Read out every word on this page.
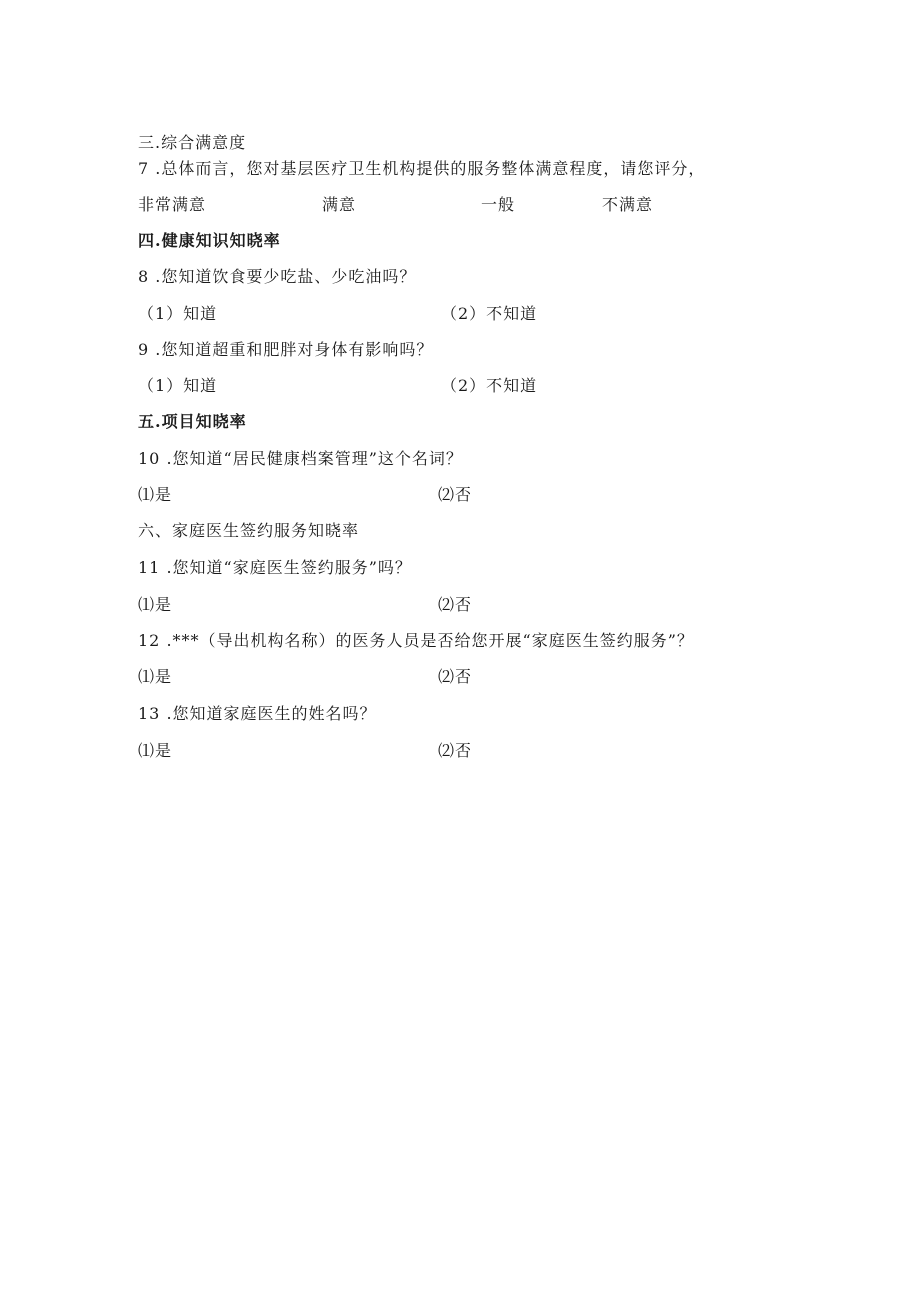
三.综合满意度
7 .总体而言，您对基层医疗卫生机构提供的服务整体满意程度，请您评分，
非常满意	满意	一般	不满意
四.健康知识知晓率
8 .您知道饮食要少吃盐、少吃油吗？
（1）知道	（2）不知道
9 .您知道超重和肥胖对身体有影响吗？
（1）知道	（2）不知道
五.项目知晓率
10 .您知道“居民健康档案管理”这个名词？
⑴是	⑵否
六、家庭医生签约服务知晓率
11 .您知道“家庭医生签约服务”吗？
⑴是	⑵否
12 .***（导出机构名称）的医务人员是否给您开展“家庭医生签约服务”？
⑴是	⑵否
13 .您知道家庭医生的姓名吗？
⑴是	⑵否
